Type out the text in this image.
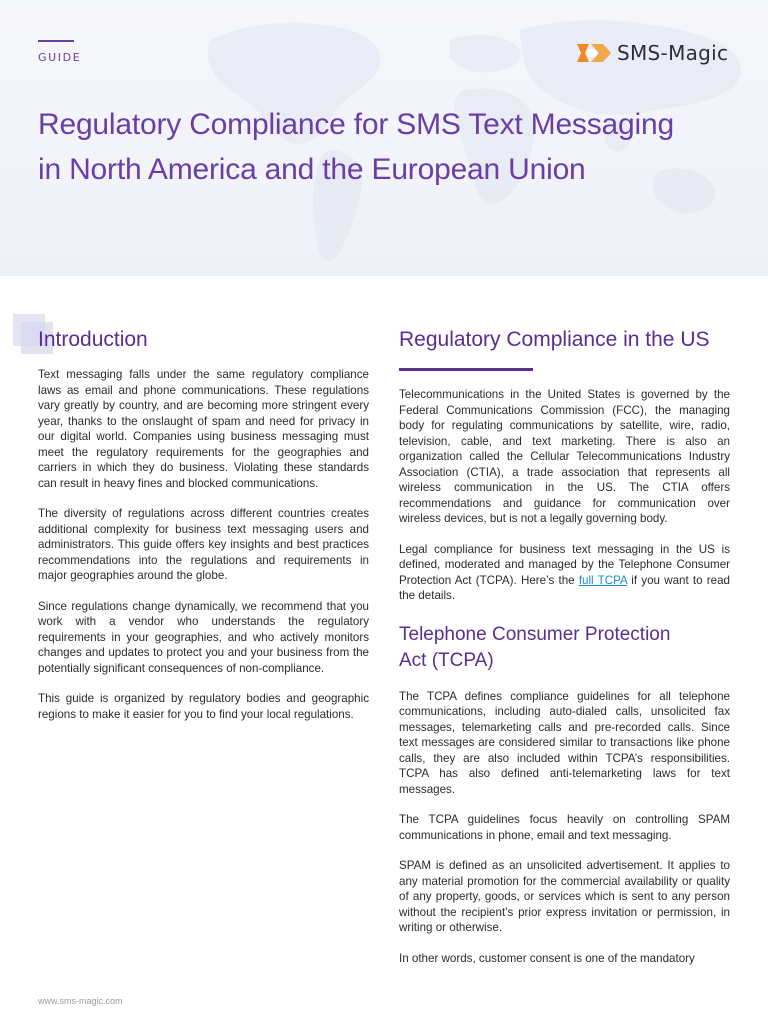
GUIDE	SMS-Magic
Regulatory Compliance for SMS Text Messaging
in North America and the European Union
Introduction

Text messaging falls under the same regulatory compliance laws as email and phone communications. These regulations vary greatly by country, and are becoming more stringent every year, thanks to the onslaught of spam and need for privacy in our digital world. Companies using business messaging must meet the regulatory requirements for the geographies and carriers in which they do business. Violating these standards can result in heavy fines and blocked communications.

The diversity of regulations across different countries creates additional complexity for business text messaging users and administrators. This guide offers key insights and best practices recommendations into the regulations and requirements in major geographies around the globe.

Since regulations change dynamically, we recommend that you work with a vendor who understands the regulatory requirements in your geographies, and who actively monitors changes and updates to protect you and your business from the potentially significant consequences of non-compliance.

This guide is organized by regulatory bodies and geographic regions to make it easier for you to find your local regulations.

Regulatory Compliance in the US

Telecommunications in the United States is governed by the Federal Communications Commission (FCC), the managing body for regulating communications by satellite, wire, radio, television, cable, and text marketing. There is also an organization called the Cellular Telecommunications Industry Association (CTIA), a trade association that represents all wireless communication in the US. The CTIA offers recommendations and guidance for communication over wireless devices, but is not a legally governing body.

Legal compliance for business text messaging in the US is defined, moderated and managed by the Telephone Consumer Protection Act (TCPA). Here’s the full TCPA if you want to read the details.

Telephone Consumer Protection
Act (TCPA)

The TCPA defines compliance guidelines for all telephone communications, including auto-dialed calls, unsolicited fax messages, telemarketing calls and pre-recorded calls. Since text messages are considered similar to transactions like phone calls, they are also included within TCPA’s responsibilities. TCPA has also defined anti-telemarketing laws for text messages.

The TCPA guidelines focus heavily on controlling SPAM communications in phone, email and text messaging.

SPAM is defined as an unsolicited advertisement. It applies to any material promotion for the commercial availability or quality of any property, goods, or services which is sent to any person without the recipient’s prior express invitation or permission, in writing or otherwise.

In other words, customer consent is one of the mandatory

www.sms-magic.com
